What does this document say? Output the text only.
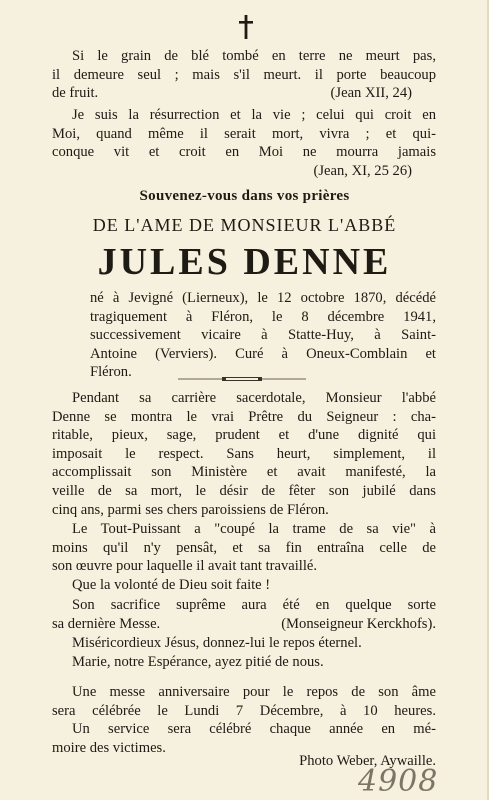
Si le grain de blé tombé en terre ne meurt pas,
il demeure seul ; mais s'il meurt. il porte beaucoup
de fruit.	(Jean XII, 24)
Je suis la résurrection et la vie ; celui qui croit en
Moi, quand même il serait mort, vivra ; et qui-
conque vit et croit en Moi ne mourra jamais
(Jean, XI, 25 26)
Souvenez-vous dans vos prières
DE L'AME DE MONSIEUR L'ABBÉ
JULES DENNE
né à Jevigné (Lierneux), le 12 octobre 1870, décédé
tragiquement à Fléron, le 8 décembre 1941,
successivement vicaire à Statte-Huy, à Saint-
Antoine (Verviers). Curé à Oneux-Comblain et
Fléron.
Pendant sa carrière sacerdotale, Monsieur l'abbé
Denne se montra le vrai Prêtre du Seigneur : cha-
ritable, pieux, sage, prudent et d'une dignité qui
imposait le respect. Sans heurt, simplement, il
accomplissait son Ministère et avait manifesté, la
veille de sa mort, le désir de fêter son jubilé dans
cinq ans, parmi ses chers paroissiens de Fléron.
Le Tout-Puissant a "coupé la trame de sa vie" à
moins qu'il n'y pensât, et sa fin entraîna celle de
son œuvre pour laquelle il avait tant travaillé.
Que la volonté de Dieu soit faite !
Son sacrifice suprême aura été en quelque sorte
sa dernière Messe.	(Monseigneur Kerckhofs).
Miséricordieux Jésus, donnez-lui le repos éternel.
Marie, notre Espérance, ayez pitié de nous.
Une messe anniversaire pour le repos de son âme
sera célébrée le Lundi 7 Décembre, à 10 heures.
Un service sera célébré chaque année en mé-
moire des victimes.
Photo Weber, Aywaille.
4908
